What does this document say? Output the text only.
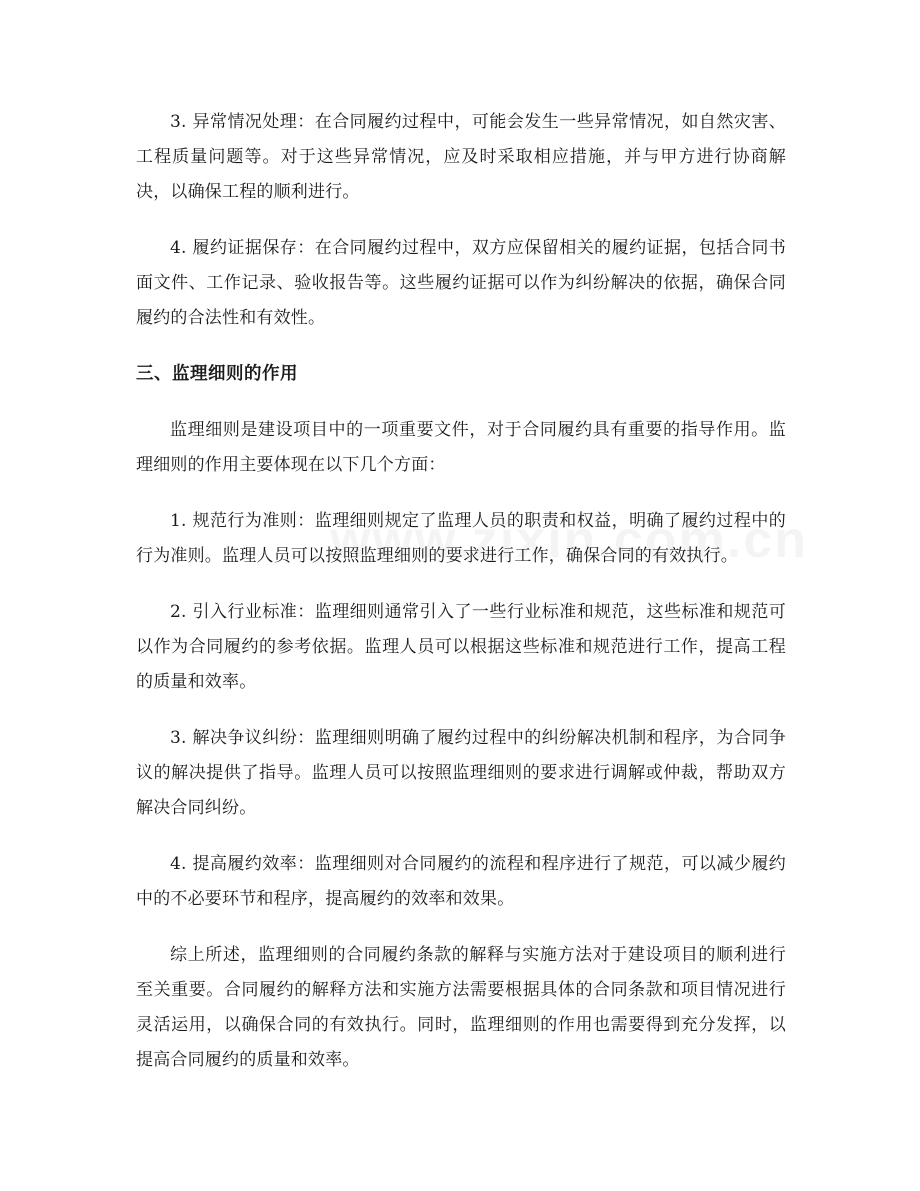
3. 异常情况处理：在合同履约过程中，可能会发生一些异常情况，如自然灾害、工程质量问题等。对于这些异常情况，应及时采取相应措施，并与甲方进行协商解决，以确保工程的顺利进行。

4. 履约证据保存：在合同履约过程中，双方应保留相关的履约证据，包括合同书面文件、工作记录、验收报告等。这些履约证据可以作为纠纷解决的依据，确保合同履约的合法性和有效性。

三、监理细则的作用

监理细则是建设项目中的一项重要文件，对于合同履约具有重要的指导作用。监理细则的作用主要体现在以下几个方面：

1. 规范行为准则：监理细则规定了监理人员的职责和权益，明确了履约过程中的行为准则。监理人员可以按照监理细则的要求进行工作，确保合同的有效执行。

2. 引入行业标准：监理细则通常引入了一些行业标准和规范，这些标准和规范可以作为合同履约的参考依据。监理人员可以根据这些标准和规范进行工作，提高工程的质量和效率。

3. 解决争议纠纷：监理细则明确了履约过程中的纠纷解决机制和程序，为合同争议的解决提供了指导。监理人员可以按照监理细则的要求进行调解或仲裁，帮助双方解决合同纠纷。

4. 提高履约效率：监理细则对合同履约的流程和程序进行了规范，可以减少履约中的不必要环节和程序，提高履约的效率和效果。

综上所述，监理细则的合同履约条款的解释与实施方法对于建设项目的顺利进行至关重要。合同履约的解释方法和实施方法需要根据具体的合同条款和项目情况进行灵活运用，以确保合同的有效执行。同时，监理细则的作用也需要得到充分发挥，以提高合同履约的质量和效率。
